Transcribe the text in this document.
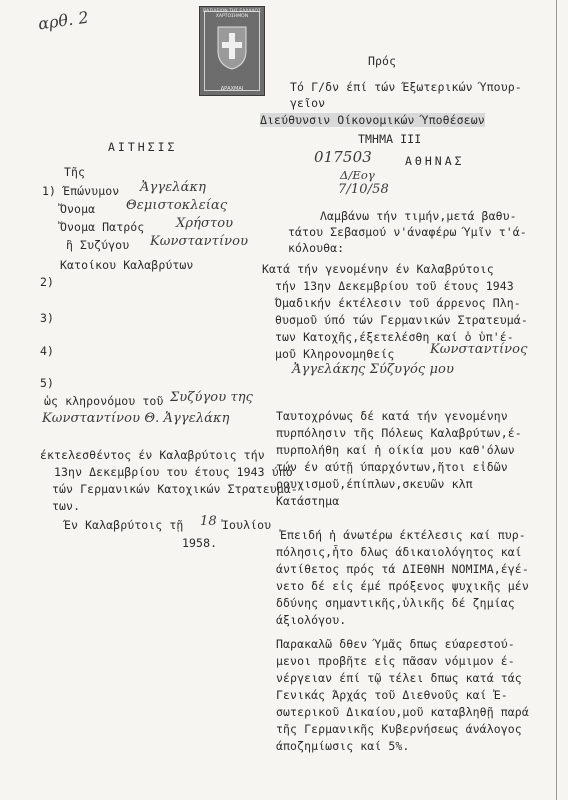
αρθ. 2	ΒΑΣΙΛΕΙΟΝ ΤΗΣ ΕΛΛΑΔΟΣ
ΧΑΡΤΟΣΗΜΟΝ
ΔΡΑΧΜΑΙ
Πρός
Τό Γ/δν έπί τών Έξωτερικών Ύπουρ-
γεῖον
Διεύθυνσιν Οίκονομικών Ύποθέσεων
ΤΜΗΜΑ III
ΑΘΗΝΑΣ
017503
Δ/Εογ
7/10/58
ΑΙΤΗΣΙΣ
Τῆς
1) Έπώνυμον Ἀγγελάκη
Ὄνομα Θεμιστοκλείας
Ὄνομα Πατρός Χρήστου
ἢ Συζύγου Κωνσταντίνου
Κατοίκου Καλαβρύτων
2)
3)
4)
5)
ὡς κληρονόμου τοῦ Συζύγου της
Κωνσταντίνου Θ. Ἀγγελάκη
έκτελεσθέντος έν Καλαβρύτοις τήν
13ην Δεκεμβρίου του έτους 1943 ύπό
τών Γερμανικών Κατοχικών Στρατευμά-
των.
Έν Καλαβρύτοις τῇ 18 Ἰουλίου
1958.
Λαμβάνω τήν τιμήν,μετά βαθυ-
τάτου Σεβασμού ν'άναφέρω Ύμῖν τ'ά-
κόλουθα:
Κατά τήν γενομένην έν Καλαβρύτοις
τήν 13ην Δεκεμβρίου τοῦ έτους 1943
Όμαδικήν έκτέλεσιν τοῦ άρρενος Πλη-
θυσμοῦ ύπό τών Γερμανικών Στρατευμά-
των Κατοχῆς,έξετελέσθη καί ὁ ὑπ'έ-
μοῦ Κληρονομηθείς	Κωνσταντίνος
Ἀγγελάκης Σύζυγός μου
Ταυτοχρόνως δέ κατά τήν γενομένην
πυρπόλησιν τῆς Πόλεως Καλαβρύτων,έ-
πυρπολήθη καί ἡ οίκία μου καθ'όλων
τών έν αύτῇ ύπαρχόντων,ἤτοι εἰδῶν
ρουχισμοῦ,έπίπλων,σκευῶν κλπ
Κατάστημα
Ἐπειδή ἡ άνωτέρω έκτέλεσις καί πυρ-
πόλησις,ἦτο δλως άδικαιολόγητος καί
άντίθετος πρός τά ΔΙΕΘΝΗ ΝΟΜΙΜΑ,έγέ-
νετο δέ εἰς έμέ πρόξενος ψυχικῆς μέν
δδύνης σημαντικῆς,ὑλικῆς δέ ζημίας
άξιολόγου.
Παρακαλῶ δθεν Ύμᾶς δπως εύαρεστού-
μενοι προβῆτε εἰς πᾶσαν νόμιμον έ-
νέργειαν έπί τῷ τέλει δπως κατά τάς
Γενικάς Άρχάς τοῦ Διεθνοῦς καί Ἐ-
σωτερικοῦ Δικαίου,μοῦ καταβληθῇ παρά
τῆς Γερμανικῆς Κυβερνήσεως άνάλογος
άποζημίωσις καί 5%.
